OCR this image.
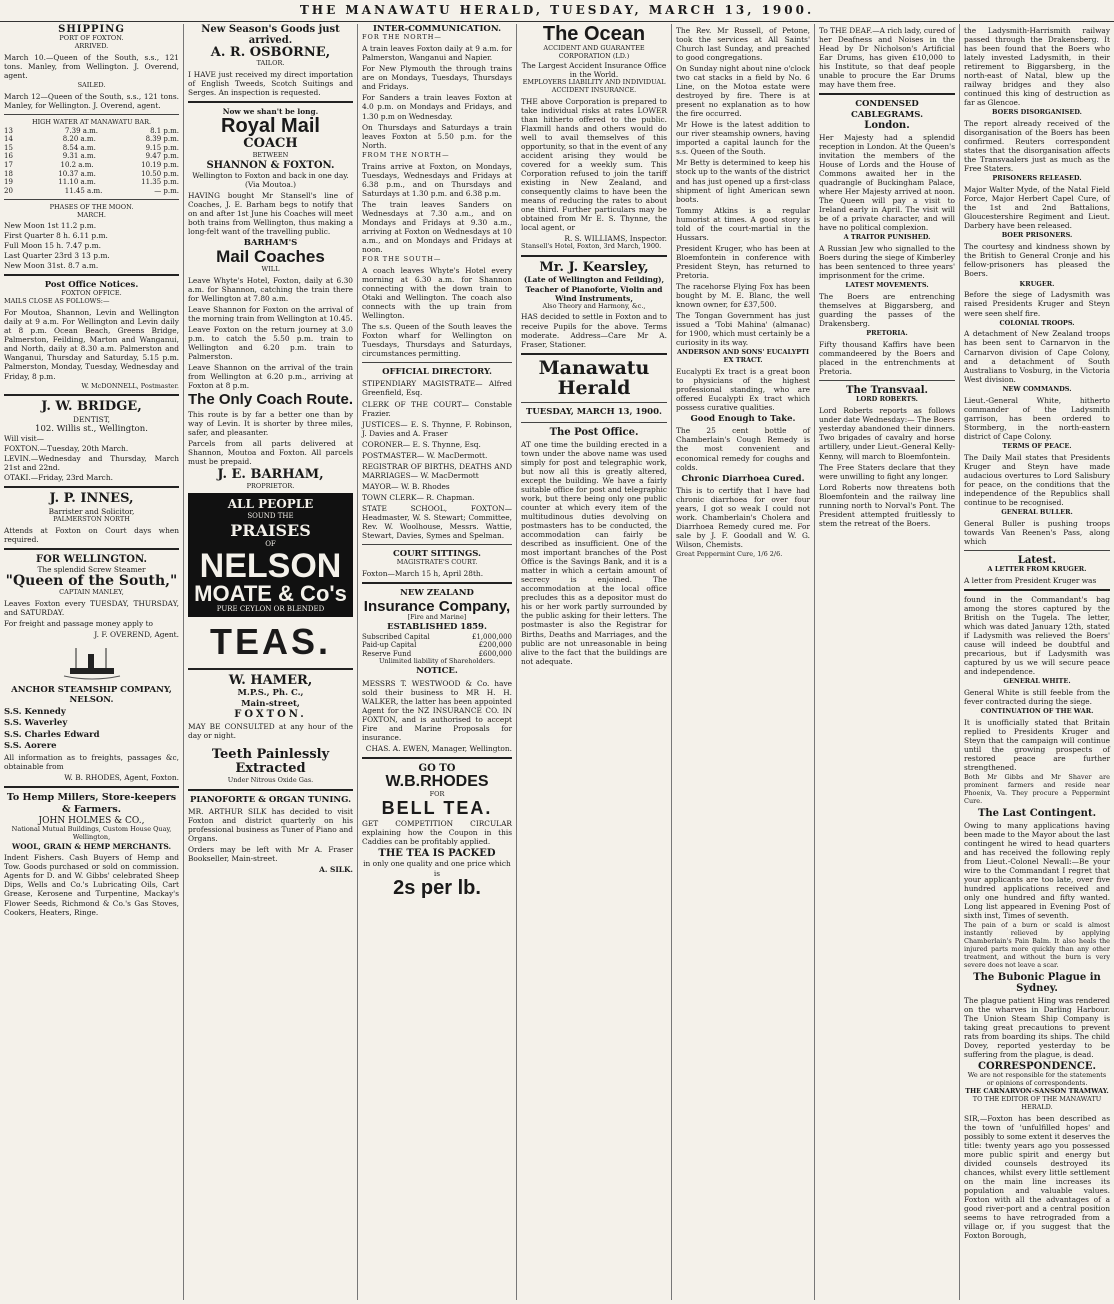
THE MANAWATU HERALD, TUESDAY, MARCH 13, 1900.
SHIPPING
PORT OF FOXTON.
ARRIVED.

March 10.—Queen of the South, s.s., 121 tons. Manley, from Wellington. J. Overend, agent.

SAILED.

March 12—Queen of the South, s.s., 121 tons. Manley, for Wellington. J. Overend, agent.

HIGH WATER AT MANAWATU BAR.
13	7.39 a.m.	8.1 p.m.
14	8.20 a.m.	8.39 p.m.
15	8.54 a.m.	9.15 p.m.
16	9.31 a.m.	9.47 p.m.
17	10.2 a.m.	10.19 p.m.
18	10.37 a.m.	10.50 p.m.
19	11.10 a.m.	11.35 p.m.
20	11.45 a.m.	— p.m.
PHASES OF THE MOON.
MARCH.

New Moon 1st 11.2 p.m.

First Quarter 8 h. 6.11 p.m.

Full Moon 15 h. 7.47 p.m.

Last Quarter 23rd 3 13 p.m.

New Moon 31st. 8.7 a.m.

Post Office Notices.
FOXTON OFFICE.
MAILS CLOSE AS FOLLOWS:—

For Moutoa, Shannon, Levin and Wellington daily at 9 a.m. For Wellington and Levin daily at 8 p.m. Ocean Beach, Greens Bridge, Palmerston, Feilding, Marton and Wanganui, and North, daily at 8.30 a.m. Palmerston and Wanganui, Thursday and Saturday, 5.15 p.m. Palmerston, Monday, Tuesday, Wednesday and Friday, 8 p.m.

W. McDONNELL, Postmaster.
J. W. BRIDGE,
DENTIST,
102. Willis st., Wellington.
Will visit—

FOXTON.—Tuesday, 20th March.

LEVIN.—Wednesday and Thursday, March 21st and 22nd.

OTAKI.—Friday, 23rd March.

J. P. INNES,
Barrister and Solicitor,
PALMERSTON NORTH

Attends at Foxton on Court days when required.

FOR WELLINGTON.
The splendid Screw Steamer
"Queen of the South,"
CAPTAIN MANLEY,

Leaves Foxton every TUESDAY, THURSDAY, and SATURDAY.

For freight and passage money apply to

J. F. OVEREND, Agent.
ANCHOR STEAMSHIP COMPANY,
NELSON.

S.S. Kennedy

S.S. Waverley

S.S. Charles Edward

S.S. Aorere

All information as to freights, passages &c, obtainable from

W. B. RHODES, Agent, Foxton.
To Hemp Millers, Store-keepers & Farmers.
JOHN HOLMES & CO.,
National Mutual Buildings, Custom House Quay, Wellington,
WOOL, GRAIN & HEMP MERCHANTS.

Indent Fishers. Cash Buyers of Hemp and Tow. Goods purchased or sold on commission. Agents for D. and W. Gibbs' celebrated Sheep Dips, Wells and Co.'s Lubricating Oils, Cart Grease, Kerosene and Turpentine, Mackay's Flower Seeds, Richmond & Co.'s Gas Stoves, Cookers, Heaters, Ringe.

New Season's Goods just arrived.
A. R. OSBORNE,
TAILOR.

I HAVE just received my direct importation of English Tweeds, Scotch Suitings and Serges. An inspection is requested.

Now we shan't be long.
Royal Mail
COACH
BETWEEN
SHANNON & FOXTON.
Wellington to Foxton and back in one day.
(Via Moutoa.)

HAVING bought Mr Stansell's line of Coaches, J. E. Barham begs to notify that on and after 1st June his Coaches will meet both trains from Wellington, thus making a long-felt want of the travelling public.

BARHAM'S
Mail Coaches
WILL

Leave Whyte's Hotel, Foxton, daily at 6.30 a.m. for Shannon, catching the train there for Wellington at 7.80 a.m.

Leave Shannon for Foxton on the arrival of the morning train from Wellington at 10.45.

Leave Foxton on the return journey at 3.0 p.m. to catch the 5.50 p.m. train to Wellington and 6.20 p.m. train to Palmerston.

Leave Shannon on the arrival of the train from Wellington at 6.20 p.m., arriving at Foxton at 8 p.m.

The Only Coach Route.

This route is by far a better one than by way of Levin. It is shorter by three miles, safer, and pleasanter.

Parcels from all parts delivered at Shannon, Moutoa and Foxton. All parcels must be prepaid.

J. E. BARHAM,
PROPRIETOR.
ALL PEOPLE
SOUND THE
PRAISES
OF
NELSON
MOATE & Co's
PURE CEYLON OR BLENDED
TEAS.
W. HAMER,
M.P.S., Ph. C.,
Main-street,
FOXTON.

MAY BE CONSULTED at any hour of the day or night.

Teeth Painlessly Extracted
Under Nitrous Oxide Gas.
PIANOFORTE & ORGAN TUNING.

MR. ARTHUR SILK has decided to visit Foxton and district quarterly on his professional business as Tuner of Piano and Organs.

Orders may be left with Mr A. Fraser Bookseller, Main-street.

A. SILK.
INTER-COMMUNICATION.
FOR THE NORTH—

A train leaves Foxton daily at 9 a.m. for Palmerston, Wanganui and Napier.

For New Plymouth the through trains are on Mondays, Tuesdays, Thursdays and Fridays.

For Sanders a train leaves Foxton at 4.0 p.m. on Mondays and Fridays, and 1.30 p.m on Wednesday.

On Thursdays and Saturdays a train leaves Foxton at 5.50 p.m. for the North.

FROM THE NORTH—

Trains arrive at Foxton, on Mondays, Tuesdays, Wednesdays and Fridays at 6.38 p.m., and on Thursdays and Saturdays at 1.30 p.m. and 6.38 p.m.

The train leaves Sanders on Wednesdays at 7.30 a.m., and on Mondays and Fridays at 9.30 a.m., arriving at Foxton on Wednesdays at 10 a.m., and on Mondays and Fridays at noon.

FOR THE SOUTH—

A coach leaves Whyte's Hotel every morning at 6.30 a.m. for Shannon connecting with the down train to Otaki and Wellington. The coach also connects with the up train from Wellington.

The s.s. Queen of the South leaves the Foxton wharf for Wellington on Tuesdays, Thursdays and Saturdays, circumstances permitting.

OFFICIAL DIRECTORY.

STIPENDIARY MAGISTRATE— Alfred Greenfield, Esq.

CLERK OF THE COURT— Constable Frazier.

JUSTICES— E. S. Thynne, F. Robinson, J. Davies and A. Fraser

CORONER— E. S. Thynne, Esq.

POSTMASTER— W. MacDermott.

REGISTRAR OF BIRTHS, DEATHS AND MARRIAGES— W. MacDermott

MAYOR— W. B. Rhodes

TOWN CLERK— R. Chapman.

STATE SCHOOL, FOXTON— Headmaster, W. S. Stewart; Committee, Rev. W. Woolhouse, Messrs. Wattie, Stewart, Davies, Symes and Spelman.

COURT SITTINGS.
MAGISTRATE'S COURT.

Foxton—March 15 h, April 28th.

NEW ZEALAND
Insurance Company,
[Fire and Marine]
ESTABLISHED 1859.
Subscribed Capital	£1,000,000
Paid-up Capital	£200,000
Reserve Fund	£600,000
Unlimited liability of Shareholders.
NOTICE.

MESSRS T. WESTWOOD & Co. have sold their business to MR H. H. WALKER, the latter has been appointed Agent for the NZ INSURANCE CO. IN FOXTON, and is authorised to accept Fire and Marine Proposals for insurance.

CHAS. A. EWEN, Manager, Wellington.
GO TO
W.B.RHODES
FOR
BELL TEA.

GET COMPETITION CIRCULAR explaining how the Coupon in this Caddies can be profitably applied.

THE TEA IS PACKED
in only one quality and one price which is
2s per lb.
The Ocean
ACCIDENT AND GUARANTEE CORPORATION (LD.)
The Largest Accident Insurance Office in the World.
EMPLOYERS LIABILITY AND INDIVIDUAL ACCIDENT INSURANCE.

THE above Corporation is prepared to take individual risks at rates LOWER than hitherto offered to the public. Flaxmill hands and others would do well to avail themselves of this opportunity, so that in the event of any accident arising they would be covered for a weekly sum. This Corporation refused to join the tariff existing in New Zealand, and consequently claims to have been the means of reducing the rates to about one third. Further particulars may be obtained from Mr E. S. Thynne, the local agent, or

R. S. WILLIAMS, Inspector.
Stansell's Hotel, Foxton, 3rd March, 1900.
Mr. J. Kearsley,
(Late of Wellington and Feilding), Teacher of Pianoforte, Violin and Wind Instruments,
Also Theory and Harmony, &c.,

HAS decided to settle in Foxton and to receive Pupils for the above. Terms moderate. Address—Care Mr A. Fraser, Stationer.

Manawatu Herald
TUESDAY, MARCH 13, 1900.
The Post Office.

AT one time the building erected in a town under the above name was used simply for post and telegraphic work, but now all this is greatly altered, except the building. We have a fairly suitable office for post and telegraphic work, but there being only one public counter at which every item of the multitudinous duties devolving on postmasters has to be conducted, the accommodation can fairly be described as insufficient. One of the most important branches of the Post Office is the Savings Bank, and it is a matter in which a certain amount of secrecy is enjoined. The accommodation at the local office precludes this as a depositor must do his or her work partly surrounded by the public asking for their letters. The postmaster is also the Registrar for Births, Deaths and Marriages, and the public are not unreasonable in being alive to the fact that the buildings are not adequate.

The Rev. Mr Russell, of Petone, took the services at All Saints' Church last Sunday, and preached to good congregations.

On Sunday night about nine o'clock two cat stacks in a field by No. 6 Line, on the Motoa estate were destroyed by fire. There is at present no explanation as to how the fire occurred.

Mr Howe is the latest addition to our river steamship owners, having imported a capital launch for the s.s. Queen of the South.

Mr Betty is determined to keep his stock up to the wants of the district and has just opened up a first-class shipment of light American sewn boots.

Tommy Atkins is a regular humorist at times. A good story is told of the court-martial in the Hussars.

President Kruger, who has been at Bloemfontein in conference with President Steyn, has returned to Pretoria.

The racehorse Flying Fox has been bought by M. E. Blanc, the well known owner, for £37,500.

The Tongan Government has just issued a 'Tobi Mahina' (almanac) for 1900, which must certainly be a curiosity in its way.

ANDERSON AND SONS' EUCALYPTI EX TRACT.

Eucalypti Ex tract is a great boon to physicians of the highest professional standing, who are offered Eucalypti Ex tract which possess curative qualities.

Good Enough to Take.

The 25 cent bottle of Chamberlain's Cough Remedy is the most convenient and economical remedy for coughs and colds.

Chronic Diarrhoea Cured.

This is to certify that I have had chronic diarrhoea for over four years, I got so weak I could not work. Chamberlain's Cholera and Diarrhoea Remedy cured me. For sale by J. F. Goodall and W. G. Wilson, Chemists.

Great Peppermint Cure, 1/6 2/6.

To THE DEAF.—A rich lady, cured of her Deafness and Noises in the Head by Dr Nicholson's Artificial Ear Drums, has given £10,000 to his Institute, so that deaf people unable to procure the Ear Drums may have them free.

CONDENSED CABLEGRAMS.
London.

Her Majesty had a splendid reception in London. At the Queen's invitation the members of the House of Lords and the House of Commons awaited her in the quadrangle of Buckingham Palace, where Her Majesty arrived at noon. The Queen will pay a visit to Ireland early in April. The visit will be of a private character, and will have no political complexion.

A TRAITOR PUNISHED.

A Russian Jew who signalled to the Boers during the siege of Kimberley has been sentenced to three years' imprisonment for the crime.

LATEST MOVEMENTS.

The Boers are entrenching themselves at Biggarsberg, and guarding the passes of the Drakensberg.

PRETORIA.

Fifty thousand Kaffirs have been commandeered by the Boers and placed in the entrenchments at Pretoria.

The Transvaal.
LORD ROBERTS.

Lord Roberts reports as follows under date Wednesday:— The Boers yesterday abandoned their dinners. Two brigades of cavalry and horse artillery, under Lieut.-General Kelly-Kenny, will march to Bloemfontein.

The Free Staters declare that they were unwilling to fight any longer.

Lord Roberts now threatens both Bloemfontein and the railway line running north to Norval's Pont. The President attempted fruitlessly to stem the retreat of the Boers.

the Ladysmith-Harrismith railway passed through the Drakensberg. It has been found that the Boers who lately invested Ladysmith, in their retirement to Biggarsberg, in the north-east of Natal, blew up the railway bridges and they also continued this king of destruction as far as Glencoe.

BOERS DISORGANISED.

The report already received of the disorganisation of the Boers has been confirmed. Reuters correspondent states that the disorganisation affects the Transvaalers just as much as the Free Staters.

PRISONERS RELEASED.

Major Walter Myde, of the Natal Field Force, Major Herbert Capel Cure, of the 1st and 2nd Battalions, Gloucestershire Regiment and Lieut. Darbery have been released.

BOER PRISONERS.

The courtesy and kindness shown by the British to General Cronje and his fellow-prisoners has pleased the Boers.

KRUGER.

Before the siege of Ladysmith was raised Presidents Kruger and Steyn were seen shelf fire.

COLONIAL TROOPS.

A detachment of New Zealand troops has been sent to Carnarvon in the Carnarvon division of Cape Colony, and a detachment of South Australians to Vosburg, in the Victoria West division.

NEW COMMANDS.

Lieut.-General White, hitherto commander of the Ladysmith garrison, has been ordered to Stormberg, in the north-eastern district of Cape Colony.

TERMS OF PEACE.

The Daily Mail states that Presidents Kruger and Steyn have made audacious overtures to Lord Salisbury for peace, on the conditions that the independence of the Republics shall continue to be recognised.

GENERAL BULLER.

General Buller is pushing troops towards Van Reenen's Pass, along which

Latest.
A LETTER FROM KRUGER.

A letter from President Kruger was

found in the Commandant's bag among the stores captured by the British on the Tugela. The letter, which was dated January 12th, stated if Ladysmith was relieved the Boers' cause will indeed be doubtful and precarious, but if Ladysmith was captured by us we will secure peace and independence.

GENERAL WHITE.

General White is still feeble from the fever contracted during the siege.

CONTINUATION OF THE WAR.

It is unofficially stated that Britain replied to Presidents Kruger and Steyn that the campaign will continue until the growing prospects of restored peace are further strengthened.

Both Mr Gibbs and Mr Shaver are prominent farmers and reside near Phoenix, Va. They procure a Peppermint Cure.

The Last Contingent.

Owing to many applications having been made to the Mayor about the last contingent he wired to head quarters and has received the following reply from Lieut.-Colonel Newall:—Be your wire to the Commandant I regret that your applicants are too late, over five hundred applications received and only one hundred and fifty wanted. Long list appeared in Evening Post of sixth inst, Times of seventh.

The pain of a burn or scald is almost instantly relieved by applying Chamberlain's Pain Balm. It also heals the injured parts more quickly than any other treatment, and without the burn is very severe does not leave a scar.

The Bubonic Plague in Sydney.

The plague patient Hing was rendered on the wharves in Darling Harbour. The Union Steam Ship Company is taking great precautions to prevent rats from boarding its ships. The child Dovey, reported yesterday to be suffering from the plague, is dead.

CORRESPONDENCE.
We are not responsible for the statements or opinions of correspondents.
THE CARNARVON-SANSON TRAMWAY.
TO THE EDITOR OF THE MANAWATU HERALD.

SIR,—Foxton has been described as the town of 'unfulfilled hopes' and possibly to some extent it deserves the title: twenty years ago you possessed more public spirit and energy but divided counsels destroyed its chances, whilst every little settlement on the main line increases its population and valuable values. Foxton with all the advantages of a good river-port and a central position seems to have retrograded from a village or, if you suggest that the Foxton Borough,
